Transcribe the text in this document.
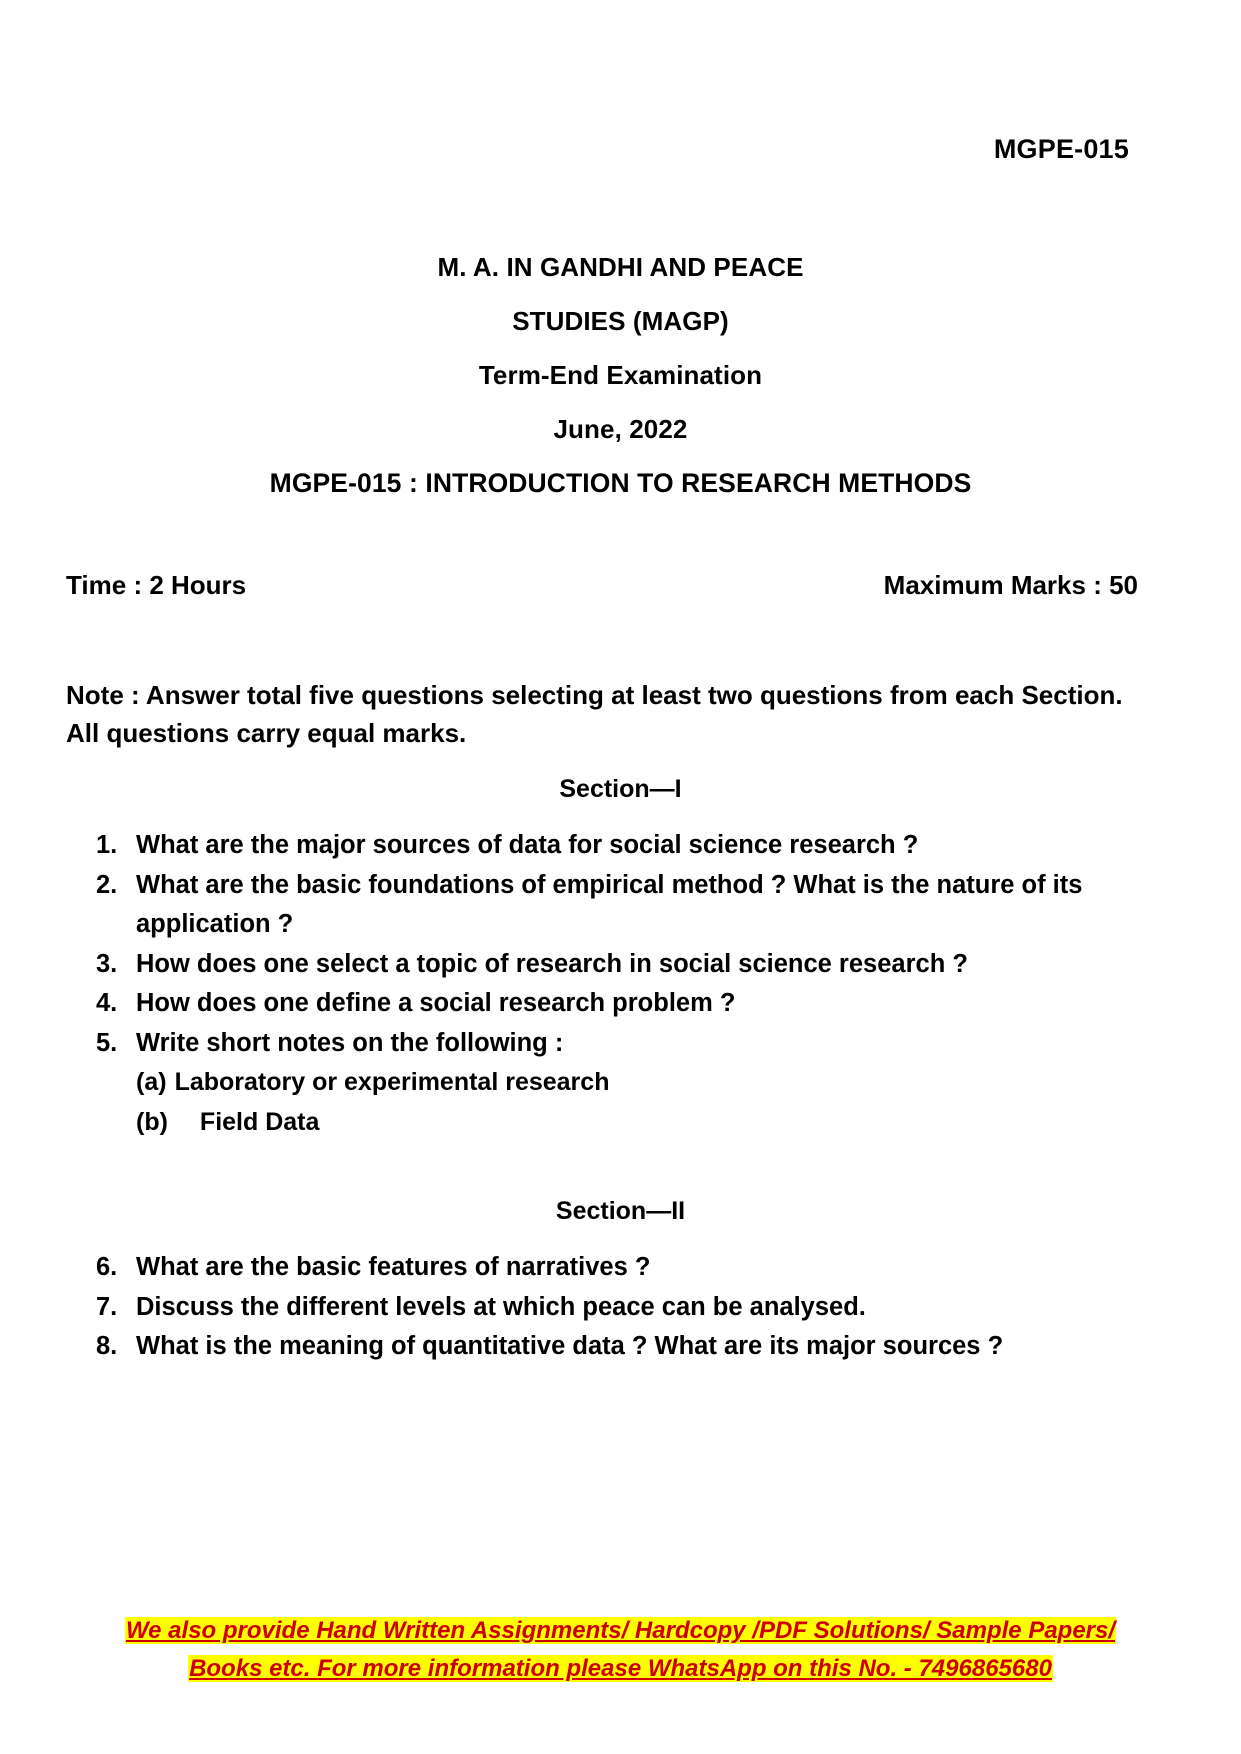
MGPE-015
M. A. IN GANDHI AND PEACE
STUDIES (MAGP)
Term-End Examination
June, 2022
MGPE-015 : INTRODUCTION TO RESEARCH METHODS
Time : 2 Hours	Maximum Marks : 50
Note : Answer total five questions selecting at least two questions from each Section. All questions carry equal marks.
Section—I
1. What are the major sources of data for social science research ?
2. What are the basic foundations of empirical method ? What is the nature of its application ?
3. How does one select a topic of research in social science research ?
4. How does one define a social research problem ?
5. Write short notes on the following :
(a) Laboratory or experimental research
(b)	Field Data
Section—II
6. What are the basic features of narratives ?
7. Discuss the different levels at which peace can be analysed.
8. What is the meaning of quantitative data ? What are its major sources ?
We also provide Hand Written Assignments/ Hardcopy /PDF Solutions/ Sample Papers/
Books etc. For more information please WhatsApp on this No. - 7496865680
